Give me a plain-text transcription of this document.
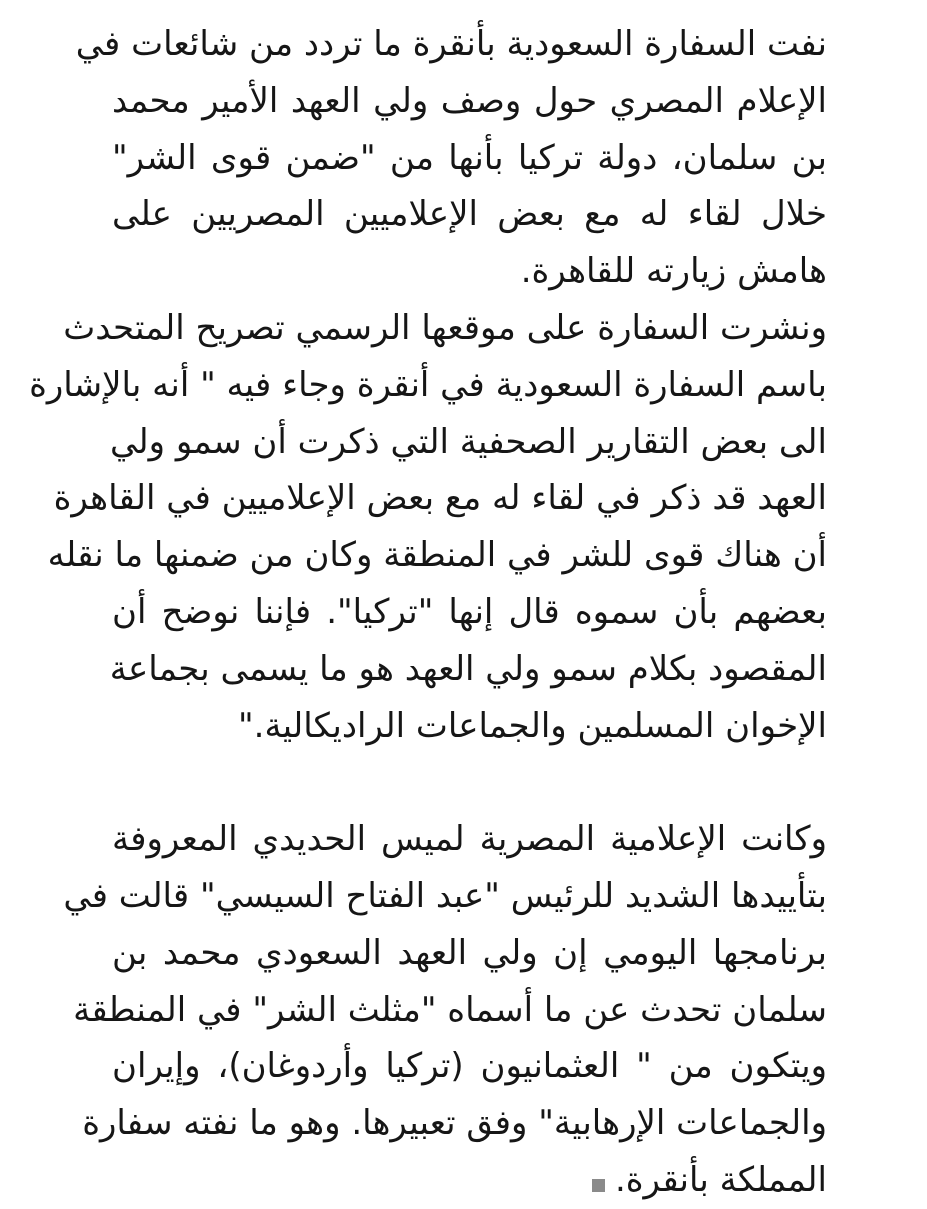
نفت السفارة السعودية بأنقرة ما تردد من شائعات في
الإعلام المصري حول وصف ولي العهد الأمير محمد
بن سلمان، دولة تركيا بأنها من "ضمن قوى الشر"
خلال لقاء له مع بعض الإعلاميين المصريين على
هامش زيارته للقاهرة.
ونشرت السفارة على موقعها الرسمي تصريح المتحدث
باسم السفارة السعودية في أنقرة وجاء فيه " أنه بالإشارة
الى بعض التقارير الصحفية التي ذكرت أن سمو ولي
العهد قد ذكر في لقاء له مع بعض الإعلاميين في القاهرة
أن هناك قوى للشر في المنطقة وكان من ضمنها ما نقله
بعضهم بأن سموه قال إنها "تركيا". فإننا نوضح أن
المقصود بكلام سمو ولي العهد هو ما يسمى بجماعة
الإخوان المسلمين والجماعات الراديكالية."
وكانت الإعلامية المصرية لميس الحديدي المعروفة
بتأييدها الشديد للرئيس "عبد الفتاح السيسي" قالت في
برنامجها اليومي إن ولي العهد السعودي محمد بن
سلمان تحدث عن ما أسماه "مثلث الشر" في المنطقة
ويتكون من " العثمانيون (تركيا وأردوغان)، وإيران
والجماعات الإرهابية" وفق تعبيرها. وهو ما نفته سفارة
المملكة بأنقرة.
